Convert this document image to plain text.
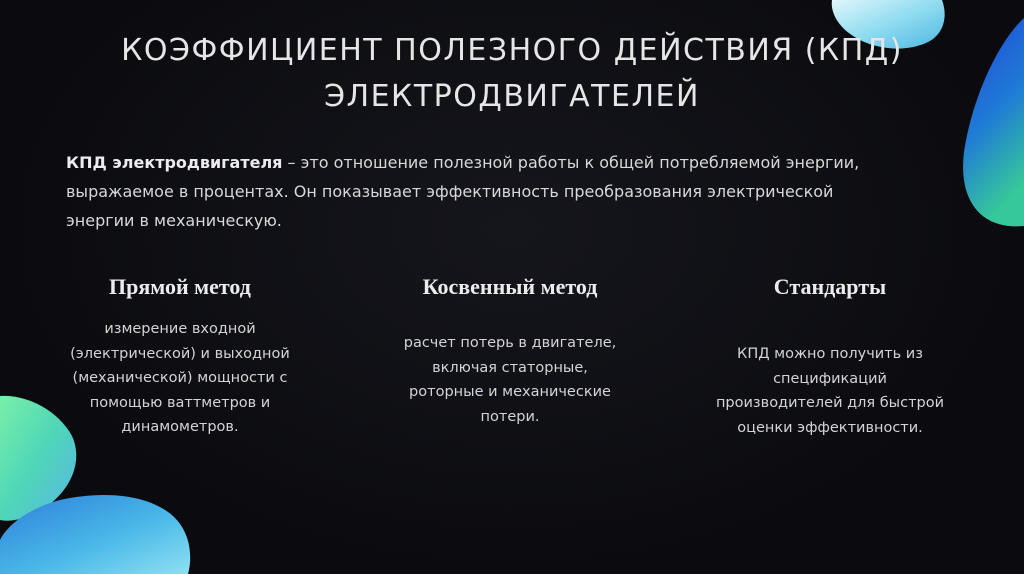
КОЭФФИЦИЕНТ ПОЛЕЗНОГО ДЕЙСТВИЯ (КПД)
ЭЛЕКТРОДВИГАТЕЛЕЙ

КПД электродвигателя – это отношение полезной работы к общей потребляемой энергии, выражаемое в процентах. Он показывает эффективность преобразования электрической энергии в механическую.

Прямой метод

измерение входной (электрической) и выходной (механической) мощности с помощью ваттметров и динамометров.

Косвенный метод

расчет потерь в двигателе, включая статорные, роторные и механические потери.

Стандарты

КПД можно получить из спецификаций производителей для быстрой оценки эффективности.
